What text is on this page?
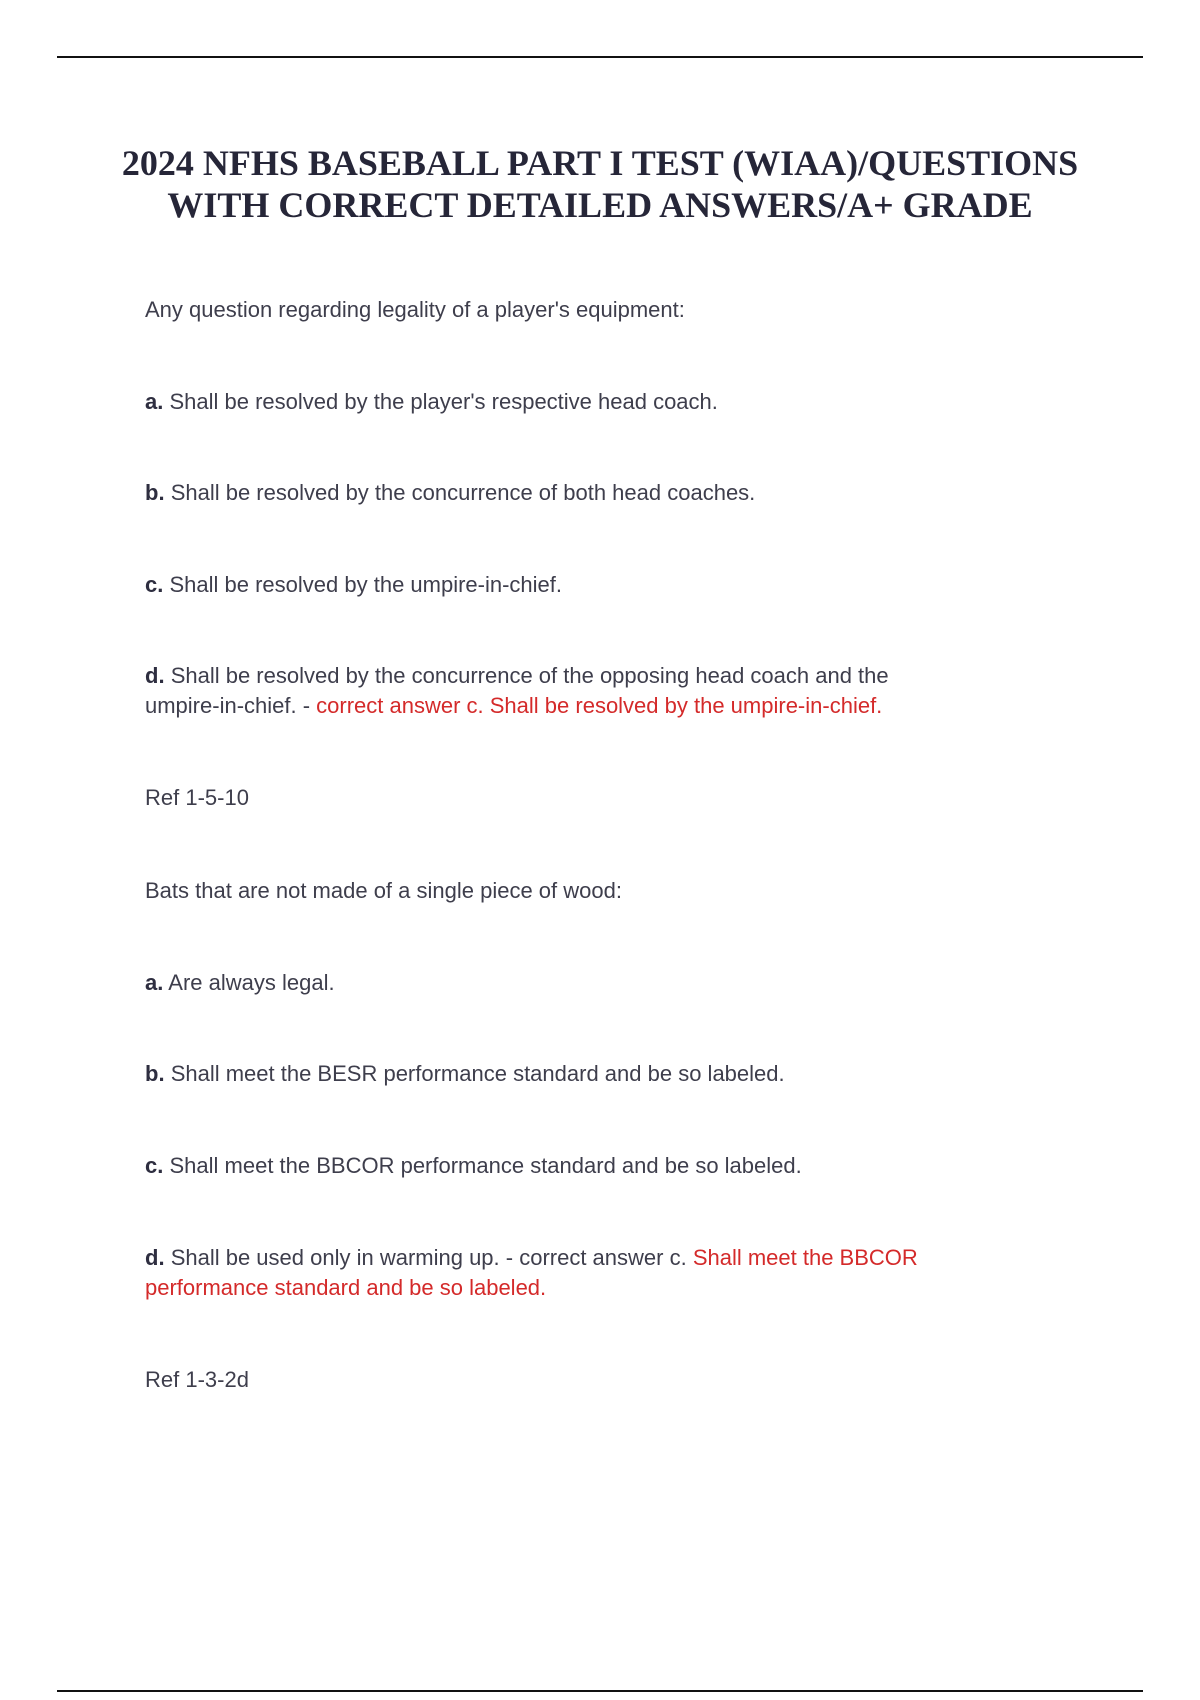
2024 NFHS BASEBALL PART I TEST (WIAA)/QUESTIONS
WITH CORRECT DETAILED ANSWERS/A+ GRADE
Any question regarding legality of a player's equipment:
a. Shall be resolved by the player's respective head coach.
b. Shall be resolved by the concurrence of both head coaches.
c. Shall be resolved by the umpire-in-chief.
d. Shall be resolved by the concurrence of the opposing head coach and the
umpire-in-chief. - correct answer c. Shall be resolved by the umpire-in-chief.
Ref 1-5-10
Bats that are not made of a single piece of wood:
a. Are always legal.
b. Shall meet the BESR performance standard and be so labeled.
c. Shall meet the BBCOR performance standard and be so labeled.
d. Shall be used only in warming up. - correct answer c. Shall meet the BBCOR
performance standard and be so labeled.
Ref 1-3-2d
